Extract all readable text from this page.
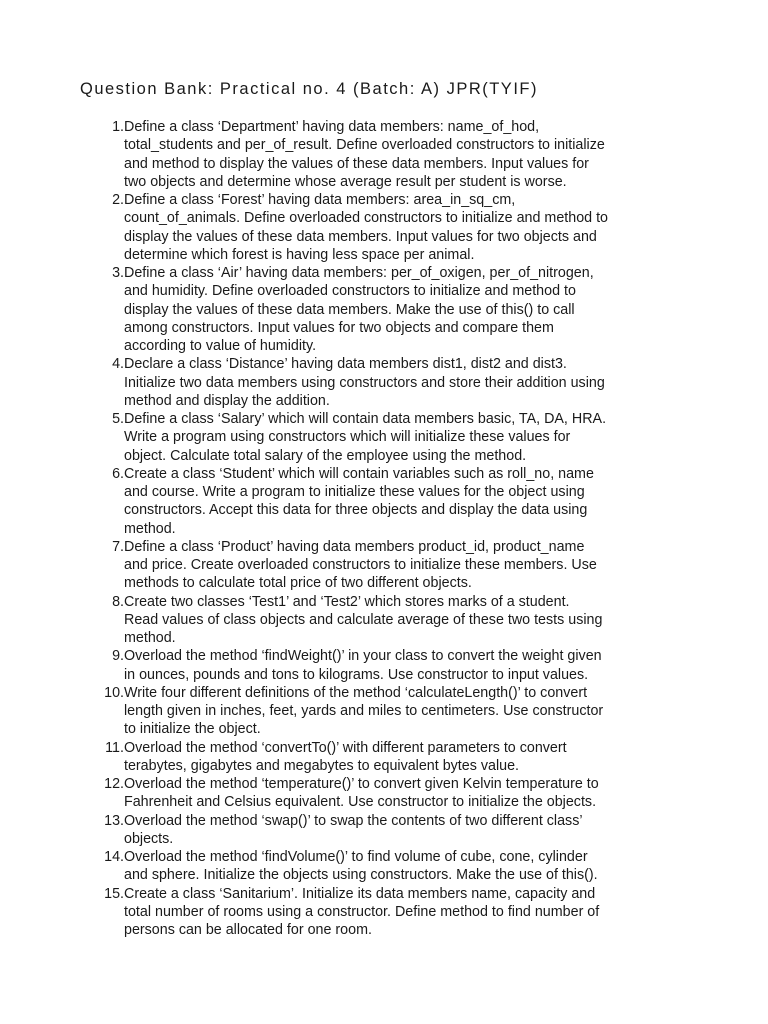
Question Bank: Practical no. 4 (Batch: A) JPR(TYIF)
1. Define a class ‘Department’ having data members: name_of_hod,
total_students and per_of_result. Define overloaded constructors to initialize
and method to display the values of these data members. Input values for
two objects and determine whose average result per student is worse.
2. Define a class ‘Forest’ having data members: area_in_sq_cm,
count_of_animals. Define overloaded constructors to initialize and method to
display the values of these data members. Input values for two objects and
determine which forest is having less space per animal.
3. Define a class ‘Air’ having data members: per_of_oxigen, per_of_nitrogen,
and humidity. Define overloaded constructors to initialize and method to
display the values of these data members. Make the use of this() to call
among constructors. Input values for two objects and compare them
according to value of humidity.
4. Declare a class ‘Distance’ having data members dist1, dist2 and dist3.
Initialize two data members using constructors and store their addition using
method and display the addition.
5. Define a class ‘Salary’ which will contain data members basic, TA, DA, HRA.
Write a program using constructors which will initialize these values for
object. Calculate total salary of the employee using the method.
6. Create a class ‘Student’ which will contain variables such as roll_no, name
and course. Write a program to initialize these values for the object using
constructors. Accept this data for three objects and display the data using
method.
7. Define a class ‘Product’ having data members product_id, product_name
and price. Create overloaded constructors to initialize these members. Use
methods to calculate total price of two different objects.
8. Create two classes ‘Test1’ and ‘Test2’ which stores marks of a student.
Read values of class objects and calculate average of these two tests using
method.
9. Overload the method ‘findWeight()’ in your class to convert the weight given
in ounces, pounds and tons to kilograms. Use constructor to input values.
10. Write four different definitions of the method ‘calculateLength()’ to convert
length given in inches, feet, yards and miles to centimeters. Use constructor
to initialize the object.
11. Overload the method ‘convertTo()’ with different parameters to convert
terabytes, gigabytes and megabytes to equivalent bytes value.
12. Overload the method ‘temperature()’ to convert given Kelvin temperature to
Fahrenheit and Celsius equivalent. Use constructor to initialize the objects.
13. Overload the method ‘swap()’ to swap the contents of two different class’
objects.
14. Overload the method ‘findVolume()’ to find volume of cube, cone, cylinder
and sphere. Initialize the objects using constructors. Make the use of this().
15. Create a class ‘Sanitarium’. Initialize its data members name, capacity and
total number of rooms using a constructor. Define method to find number of
persons can be allocated for one room.
